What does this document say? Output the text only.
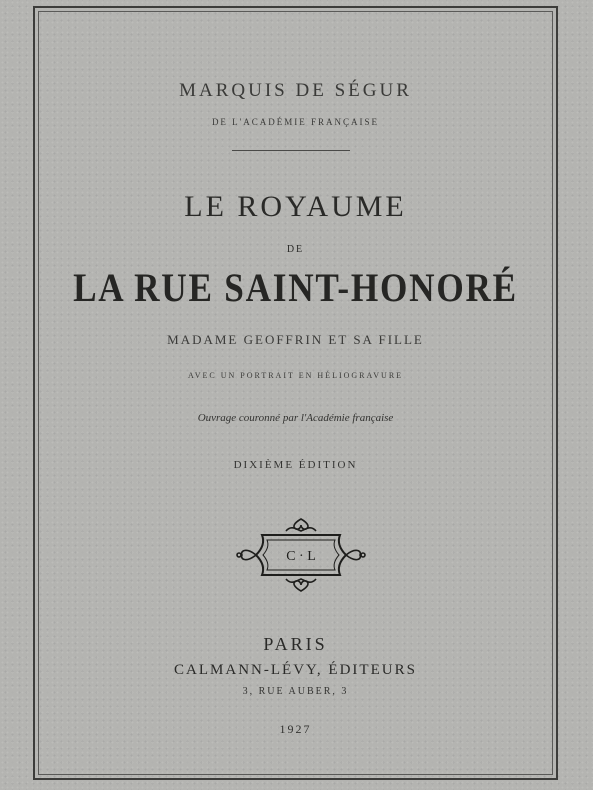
MARQUIS DE SÉGUR
DE L'ACADÉMIE FRANÇAISE
LE ROYAUME
DE
LA RUE SAINT-HONORÉ
MADAME GEOFFRIN ET SA FILLE
AVEC UN PORTRAIT EN HÉLIOGRAVURE
Ouvrage couronné par l'Académie française
DIXIÈME ÉDITION
C · L
PARIS
CALMANN-LÉVY, ÉDITEURS
3, RUE AUBER, 3
1927
